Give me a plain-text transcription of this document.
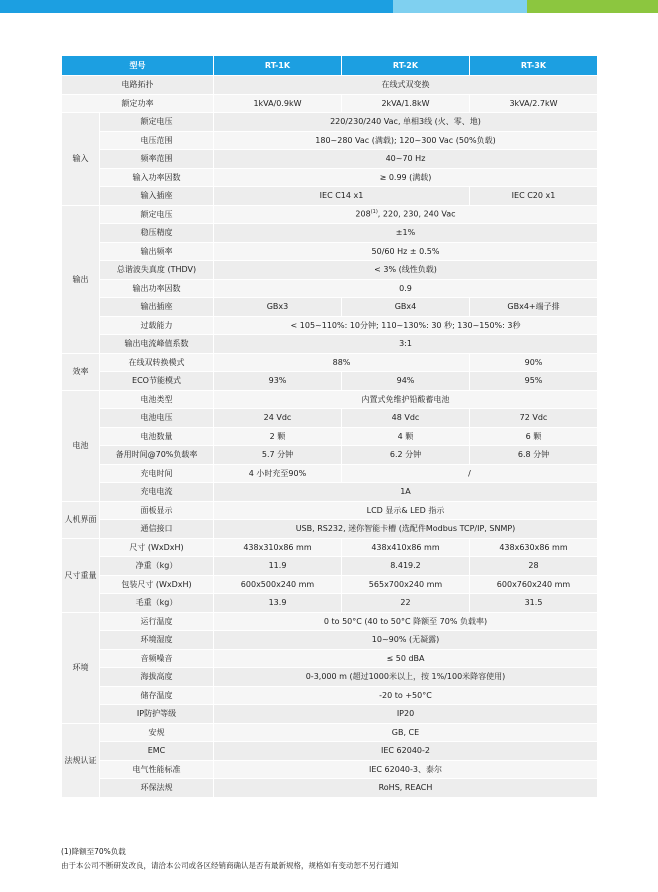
型号		RT-1K	RT-2K	RT-3K
电路拓扑		在线式双变换		
额定功率		1kVA/0.9kW	2kVA/1.8kW	3kVA/2.7kW
输入	额定电压	220/230/240 Vac, 单相3线 (火、零、地)		
	电压范围	180~280 Vac (满载); 120~300 Vac (50%负载)		
	频率范围	40~70 Hz		
	输入功率因数	≥ 0.99 (满载)		
	输入插座	IEC C14 x1		IEC C20 x1
输出	额定电压	208$^{(1)}$, 220, 230, 240 Vac		
	稳压精度	±1%		
	输出频率	50/60 Hz ± 0.5%		
	总谐波失真度 (THDV)	< 3% (线性负载)		
	输出功率因数	0.9		
	输出插座	GBx3	GBx4	GBx4+端子排
	过载能力	< 105~110%: 10分钟; 110~130%: 30 秒; 130~150%: 3秒		
	输出电流峰值系数	3:1		
效率	在线双转换模式	88%		90%
	ECO节能模式	93%	94%	95%
电池	电池类型	内置式免维护铅酸蓄电池		
	电池电压	24 Vdc	48 Vdc	72 Vdc
	电池数量	2 颗	4 颗	6 颗
	备用时间@70%负载率	5.7 分钟	6.2 分钟	6.8 分钟
	充电时间	4 小时充至90%	/	
	充电电流	1A		
人机界面	面板显示	LCD 显示& LED 指示		
	通信接口	USB, RS232, 迷你智能卡槽 (选配件Modbus TCP/IP, SNMP)		
尺寸重量	尺寸 (WxDxH)	438x310x86 mm	438x410x86 mm	438x630x86 mm
	净重（kg）	11.9	8.419.2	28
	包装尺寸 (WxDxH)	600x500x240 mm	565x700x240 mm	600x760x240 mm
	毛重（kg）	13.9	22	31.5
环境	运行温度	0 to 50°C (40 to 50°C 降额至 70% 负载率)		
	环境湿度	10~90% (无凝露)		
	音频噪音	≤ 50 dBA		
	海拔高度	0-3,000 m (超过1000米以上，按 1%/100米降容使用)		
	储存温度	-20 to +50°C		
	IP防护等级	IP20		
法规认证	安规	GB, CE		
	EMC	IEC 62040-2		
	电气性能标准	IEC 62040-3、泰尔		
	环保法规	RoHS, REACH		
(1)降额至70%负载
由于本公司不断研发改良，请洽本公司或各区经销商确认是否有最新规格，规格如有变动恕不另行通知
